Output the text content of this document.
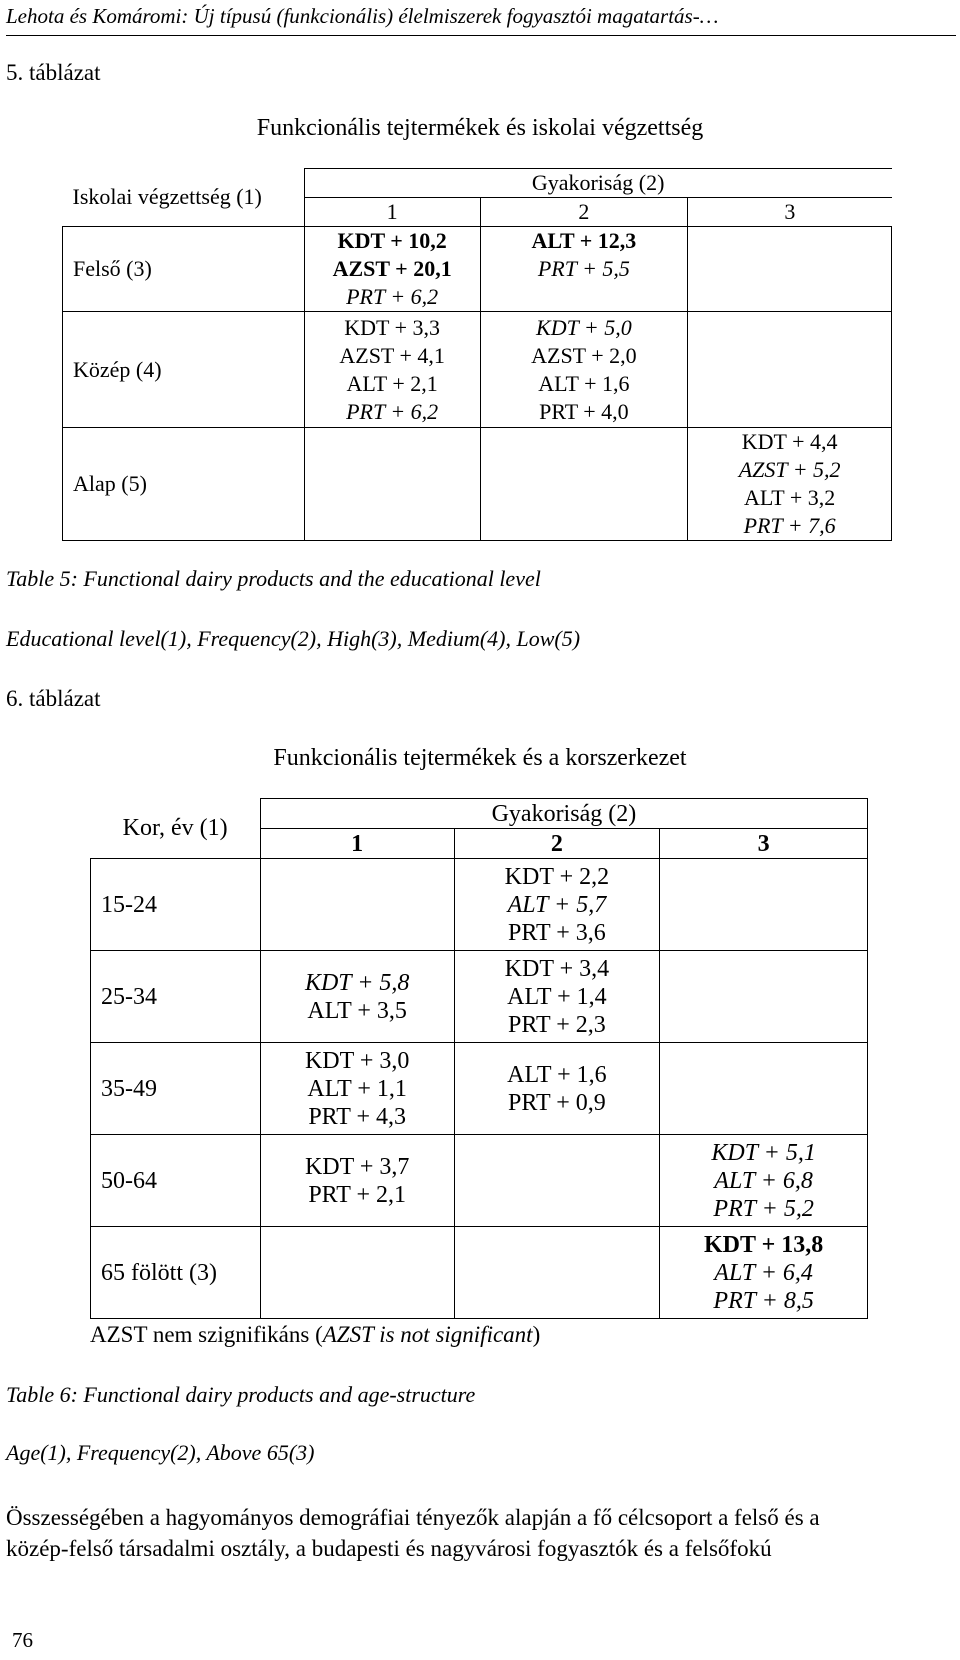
Lehota és Komáromi: Új típusú (funkcionális) élelmiszerek fogyasztói magatartás-…
5. táblázat
Funkcionális tejtermékek és iskolai végzettség
Iskolai végzettség (1)	Gyakoriság (2)		
	1	2	3
Felső (3)	KDT + 10,2
AZST + 20,1
PRT + 6,2	ALT + 12,3
PRT + 5,5	

Közép (4)	KDT + 3,3
AZST + 4,1
ALT + 2,1
PRT + 6,2	KDT + 5,0
AZST + 2,0
ALT + 1,6
PRT + 4,0	

Alap (5)			KDT + 4,4
AZST + 5,2
ALT + 3,2
PRT + 7,6
Table 5: Functional dairy products and the educational level
Educational level(1), Frequency(2), High(3), Medium(4), Low(5)
6. táblázat
Funkcionális tejtermékek és a korszerkezet
Kor, év (1)	Gyakoriság (2)		
	1	2	3
15-24		KDT + 2,2
ALT + 5,7
PRT + 3,6	

25-34	KDT + 5,8
ALT + 3,5	KDT + 3,4
ALT + 1,4
PRT + 2,3	

35-49	KDT + 3,0
ALT + 1,1
PRT + 4,3	ALT + 1,6
PRT + 0,9	

50-64	KDT + 3,7
PRT + 2,1		KDT + 5,1
ALT + 6,8
PRT + 5,2

65 fölött (3)			KDT + 13,8
ALT + 6,4
PRT + 8,5
AZST nem szignifikáns (AZST is not significant)
Table 6: Functional dairy products and age-structure
Age(1), Frequency(2), Above 65(3)
Összességében a hagyományos demográfiai tényezők alapján a fő célcsoport a felső és a
közép-felső társadalmi osztály, a budapesti és nagyvárosi fogyasztók és a felsőfokú
76
